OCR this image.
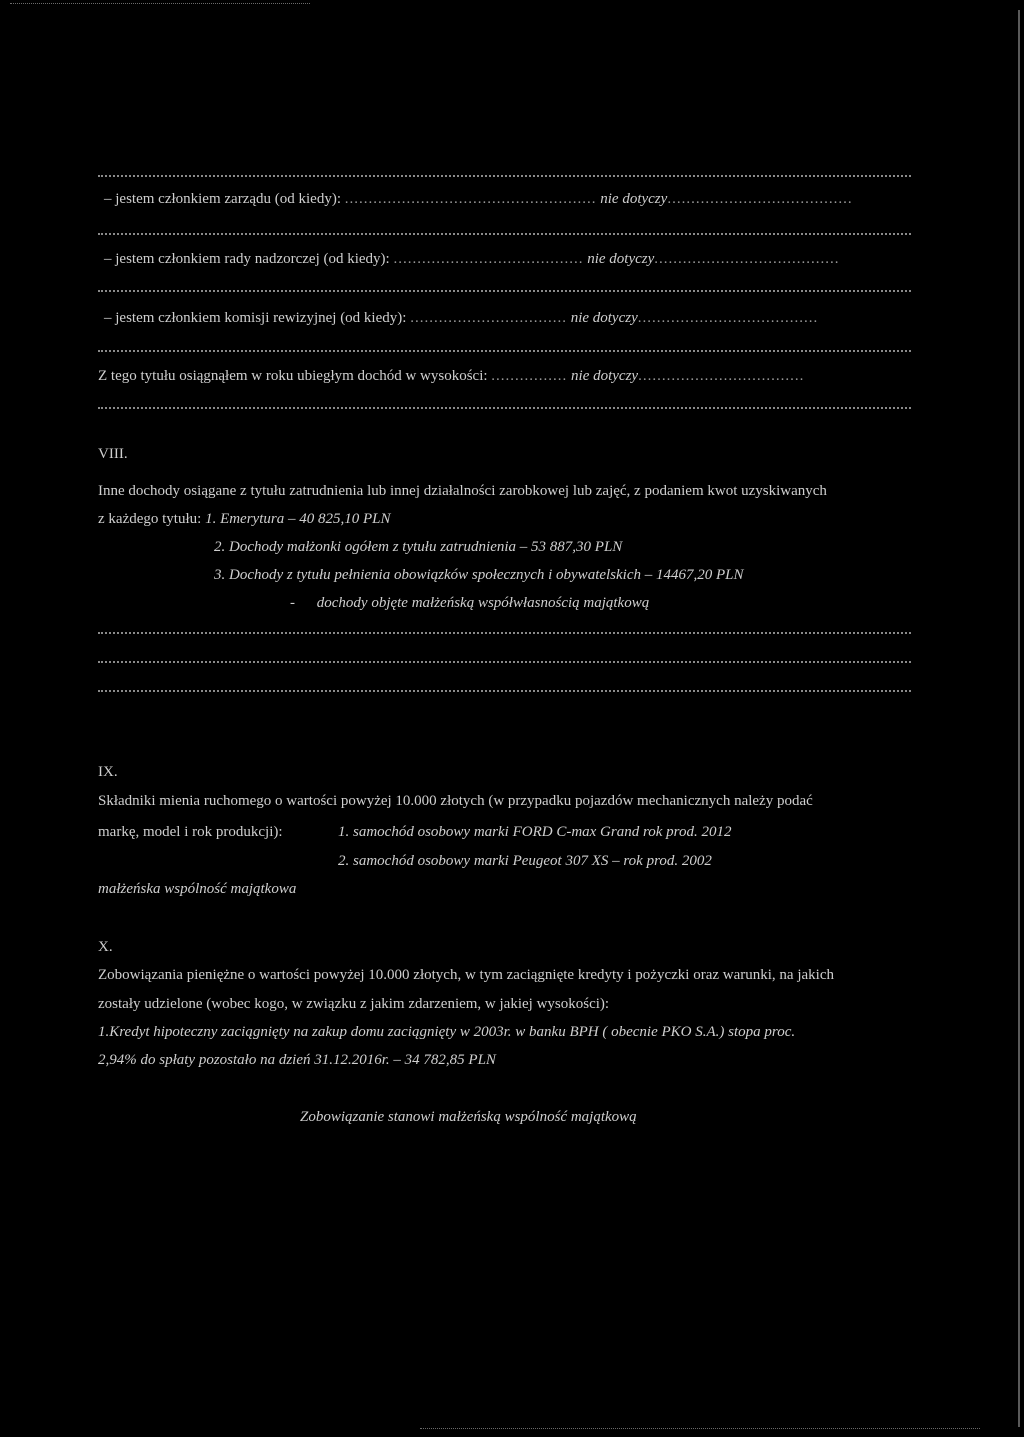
– jestem członkiem zarządu (od kiedy): ..................................................... nie dotyczy.......................................
– jestem członkiem rady nadzorczej (od kiedy): ........................................ nie dotyczy.......................................
– jestem członkiem komisji rewizyjnej (od kiedy): ................................. nie dotyczy......................................
Z tego tytułu osiągnąłem w roku ubiegłym dochód w wysokości: ................ nie dotyczy...................................
VIII.
Inne dochody osiągane z tytułu zatrudnienia lub innej działalności zarobkowej lub zajęć, z podaniem kwot uzyskiwanych
z każdego tytułu: 1. Emerytura – 40 825,10 PLN
2. Dochody małżonki ogółem z tytułu zatrudnienia – 53 887,30 PLN
3. Dochody z tytułu pełnienia obowiązków społecznych i obywatelskich – 14467,20 PLN
- dochody objęte małżeńską współwłasnością majątkową
IX.
Składniki mienia ruchomego o wartości powyżej 10.000 złotych (w przypadku pojazdów mechanicznych należy podać
markę, model i rok produkcji):	1. samochód osobowy marki FORD C-max Grand rok prod. 2012
2. samochód osobowy marki Peugeot 307 XS – rok prod. 2002
małżeńska wspólność majątkowa
X.
Zobowiązania pieniężne o wartości powyżej 10.000 złotych, w tym zaciągnięte kredyty i pożyczki oraz warunki, na jakich
zostały udzielone (wobec kogo, w związku z jakim zdarzeniem, w jakiej wysokości):
1.Kredyt hipoteczny zaciągnięty na zakup domu zaciągnięty w 2003r. w banku BPH ( obecnie PKO S.A.) stopa proc.
2,94% do spłaty pozostało na dzień 31.12.2016r. – 34 782,85 PLN
Zobowiązanie stanowi małżeńską wspólność majątkową
